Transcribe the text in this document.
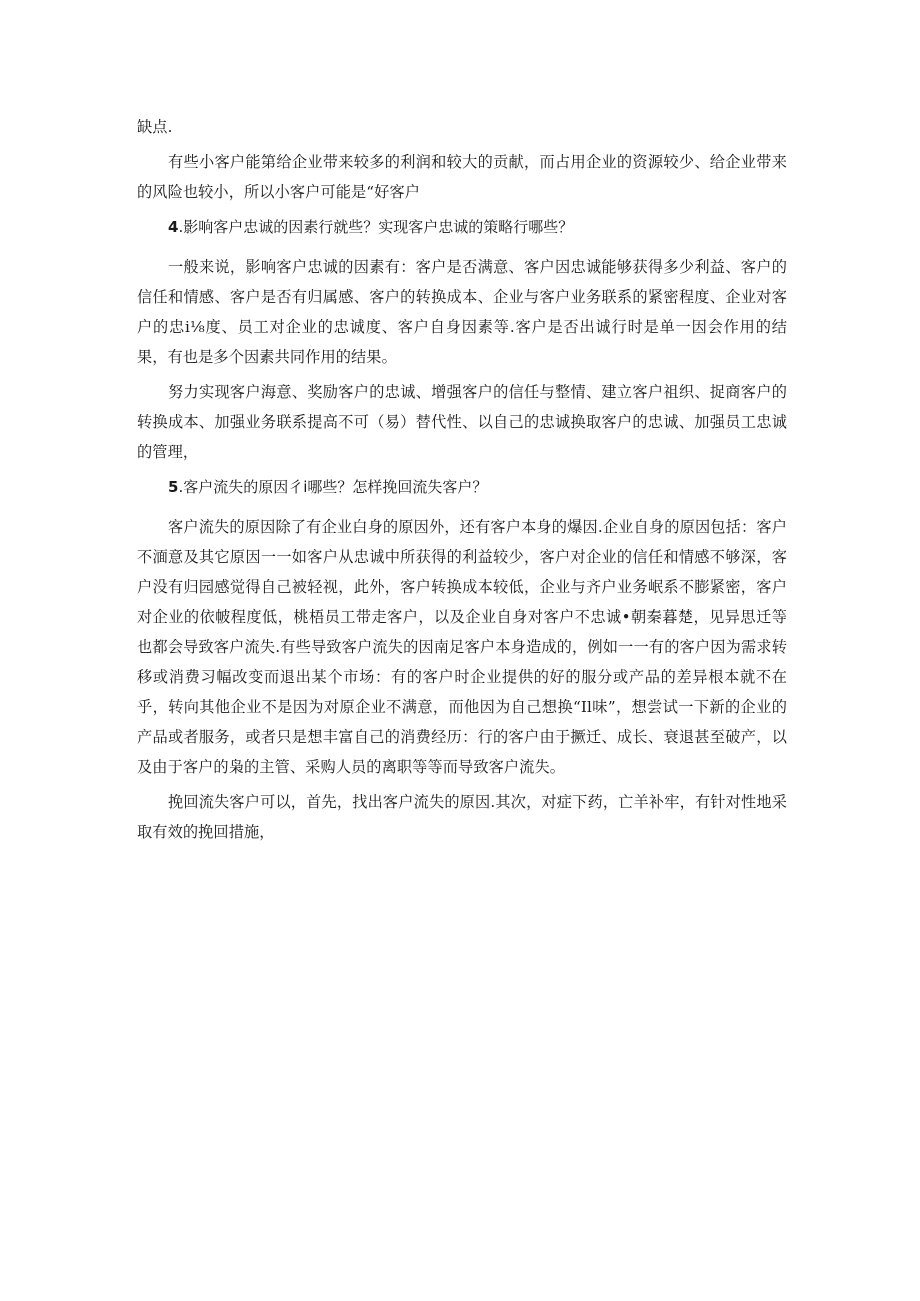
缺点.

有些小客户能第给企业带来较多的利润和较大的贡献，而占用企业的资源较少、给企业带来的风险也较小，所以小客户可能是“好客户

4.影响客户忠诚的因素行就些？实现客户忠诚的策略行哪些？

一般来说，影响客户忠诚的因素有：客户是否满意、客户因忠诚能够获得多少利益、客户的信任和情感、客户是否有归属感、客户的转换成本、企业与客户业务联系的紧密程度、企业对客户的忠i⅛度、员工对企业的忠诚度、客户自身因素等.客户是否出诚行时是单一因会作用的结果，有也是多个因素共同作用的结果。

努力实现客户海意、奖励客户的忠诚、增强客户的信任与整情、建立客户祖织、捉商客户的转换成本、加强业务联系提高不可（易）替代性、以自己的忠诚换取客户的忠诚、加强员工忠诚的管理，

5.客户流失的原因彳i哪些？怎样挽回流失客户？

客户流失的原因除了有企业白身的原因外，还有客户本身的爆因.企业自身的原因包括：客户不湎意及其它原因一一如客户从忠诚中所获得的利益较少，客户对企业的信任和情感不够深，客户没有归园感觉得自己被轻视，此外，客户转换成本较低，企业与齐户业务岷系不膨紧密，客户对企业的依帔程度低，桃梧员工带走客户，以及企业自身对客户不忠诚•朝秦暮楚，见异思迁等也都会导致客户流失.有些导致客户流失的因南足客户本身造成的，例如一一有的客户因为需求转移或消费习幅改变而退出某个市场：有的客户时企业提供的好的服分或产品的差异根本就不在乎，转向其他企业不是因为对原企业不满意，而他因为自己想换“Il味”，想尝试一下新的企业的产品或者服务，或者只是想丰富自己的消费经历：行的客户由于撅迁、成长、衰退甚至破产，以及由于客户的枭的主管、采购人员的离职等等而导致客户流失。

挽回流失客户可以，首先，找出客户流失的原因.其次，对症下药，亡羊补牢，有针对性地采取有效的挽回措施，
